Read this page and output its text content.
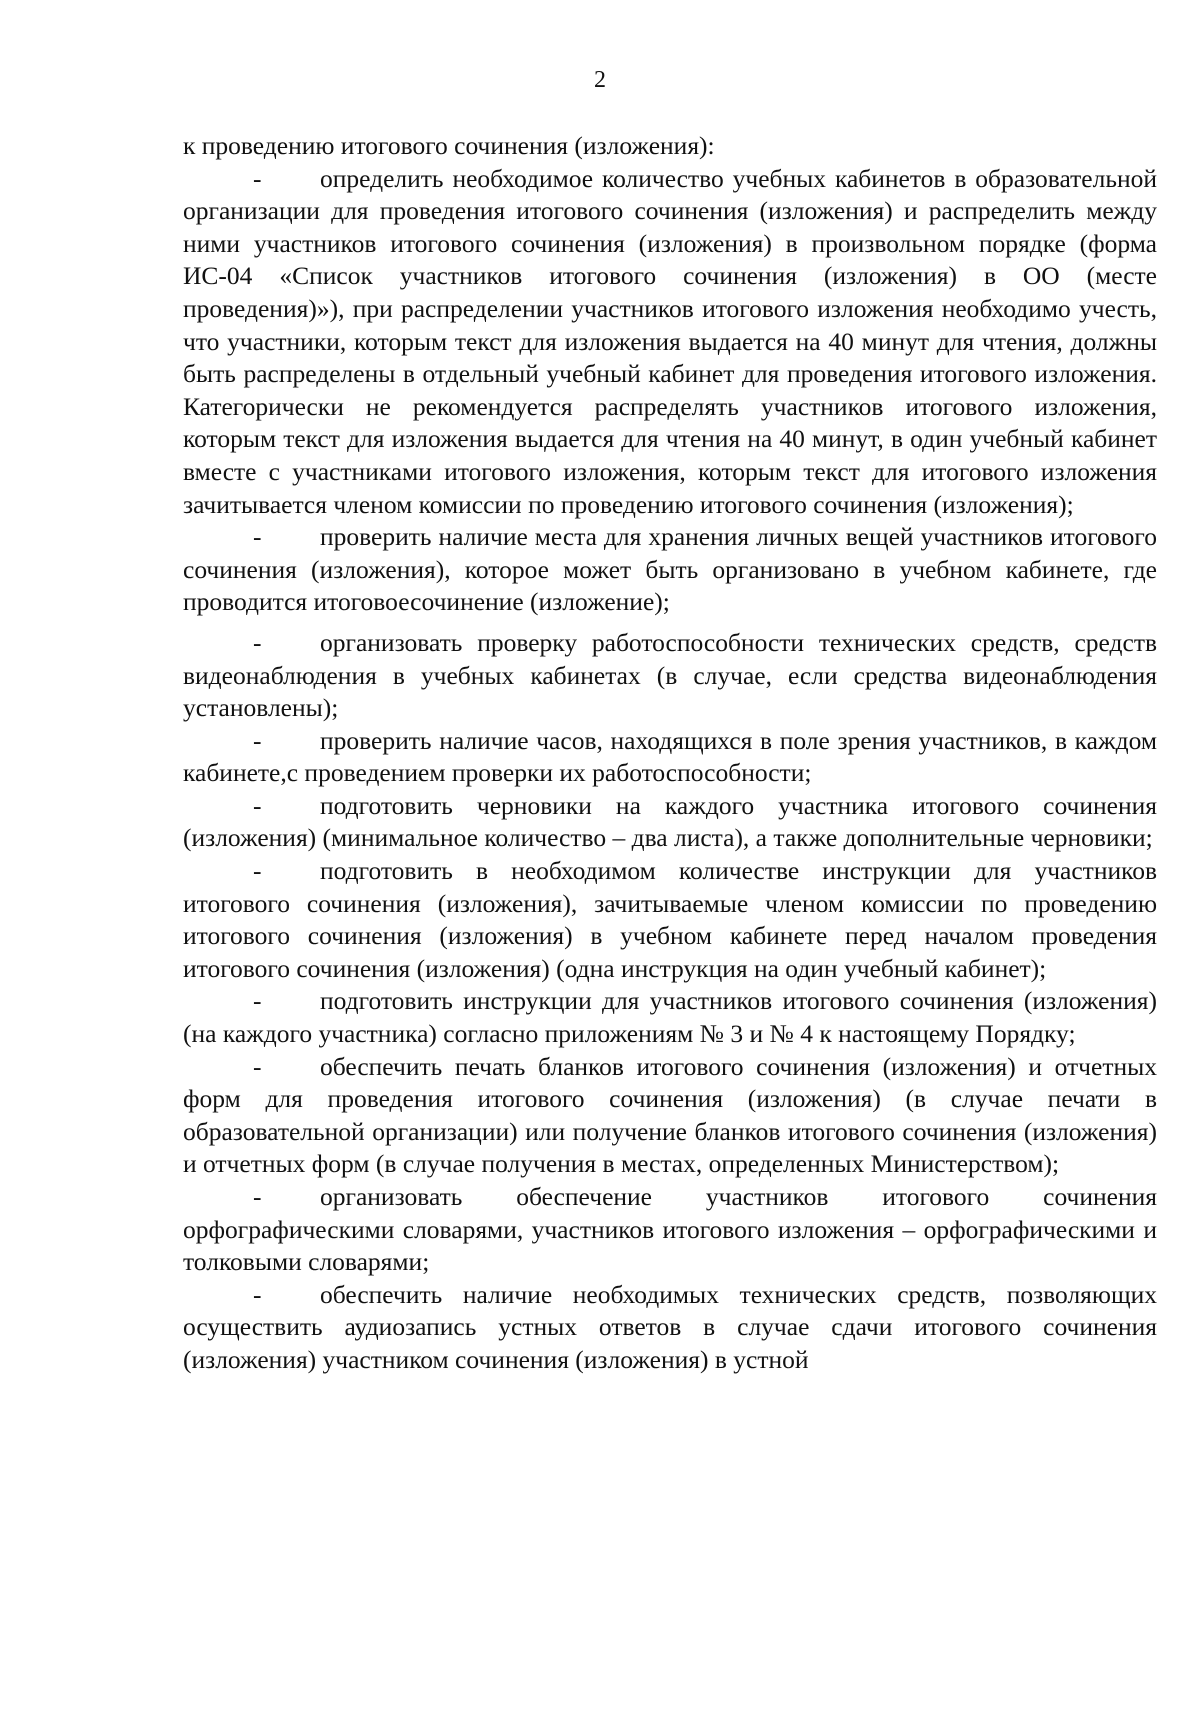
2

к проведению итогового сочинения (изложения):

- определить необходимое количество учебных кабинетов в образовательной организации для проведения итогового сочинения (изложения) и распределить между ними участников итогового сочинения (изложения) в произвольном порядке (форма ИС-04 «Список участников итогового сочинения (изложения) в ОО (месте проведения)»), при распределении участников итогового изложения необходимо учесть, что участники, которым текст для изложения выдается на 40 минут для чтения, должны быть распределены в отдельный учебный кабинет для проведения итогового изложения. Категорически не рекомендуется распределять участников итогового изложения, которым текст для изложения выдается для чтения на 40 минут, в один учебный кабинет вместе с участниками итогового изложения, которым текст для итогового изложения зачитывается членом комиссии по проведению итогового сочинения (изложения);

- проверить наличие места для хранения личных вещей участников итогового сочинения (изложения), которое может быть организовано в учебном кабинете, где проводится итоговоесочинение (изложение);

- организовать проверку работоспособности технических средств, средств видеонаблюдения в учебных кабинетах (в случае, если средства видеонаблюдения установлены);

- проверить наличие часов, находящихся в поле зрения участников, в каждом кабинете,с проведением проверки их работоспособности;

- подготовить черновики на каждого участника итогового сочинения (изложения) (минимальное количество – два листа), а также дополнительные черновики;

- подготовить в необходимом количестве инструкции для участников итогового сочинения (изложения), зачитываемые членом комиссии по проведению итогового сочинения (изложения) в учебном кабинете перед началом проведения итогового сочинения (изложения) (одна инструкция на один учебный кабинет);

- подготовить инструкции для участников итогового сочинения (изложения) (на каждого участника) согласно приложениям № 3 и № 4 к настоящему Порядку;

- обеспечить печать бланков итогового сочинения (изложения) и отчетных форм для проведения итогового сочинения (изложения) (в случае печати в образовательной организации) или получение бланков итогового сочинения (изложения) и отчетных форм (в случае получения в местах, определенных Министерством);

- организовать обеспечение участников итогового сочинения орфографическими словарями, участников итогового изложения – орфографическими и толковыми словарями;

- обеспечить наличие необходимых технических средств, позволяющих осуществить аудиозапись устных ответов в случае сдачи итогового сочинения (изложения) участником сочинения (изложения) в устной
